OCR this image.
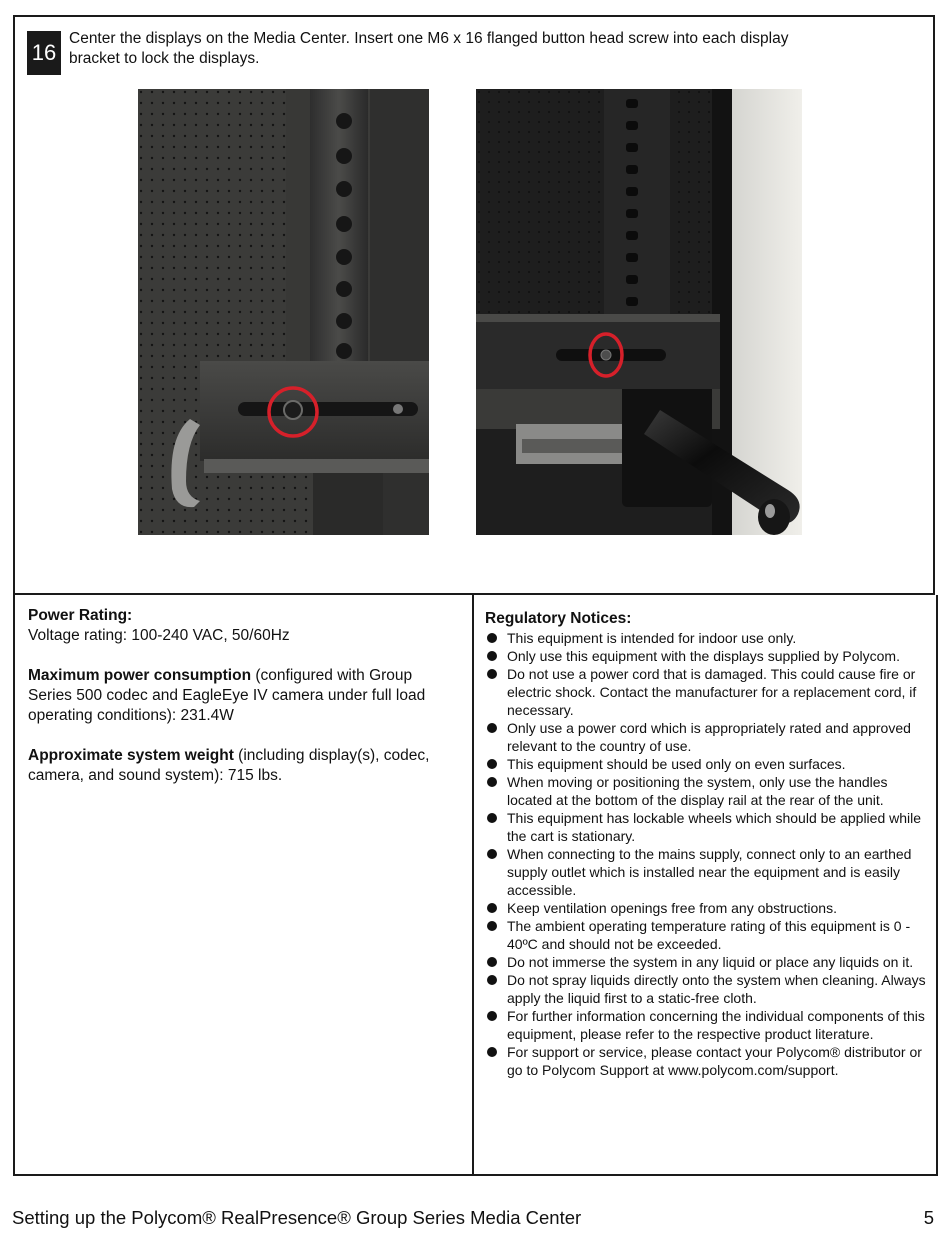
16
Center the displays on the Media Center. Insert one M6 x 16 flanged button head screw into each display bracket to lock the displays.

Power Rating:
Voltage rating: 100-240 VAC, 50/60Hz

Maximum power consumption (configured with Group Series 500 codec and EagleEye IV camera under full load operating conditions): 231.4W

Approximate system weight (including display(s), codec, camera, and sound system): 715 lbs.

Regulatory Notices:
This equipment is intended for indoor use only.
Only use this equipment with the displays supplied by Polycom.
Do not use a power cord that is damaged. This could cause fire or electric shock. Contact the manufacturer for a replacement cord, if necessary.
Only use a power cord which is appropriately rated and approved relevant to the country of use.
This equipment should be used only on even surfaces.
When moving or positioning the system, only use the handles located at the bottom of the display rail at the rear of the unit.
This equipment has lockable wheels which should be applied while the cart is stationary.
When connecting to the mains supply, connect only to an earthed supply outlet which is installed near the equipment and is easily accessible.
Keep ventilation openings free from any obstructions.
The ambient operating temperature rating of this equipment is 0 - 40ºC and should not be exceeded.
Do not immerse the system in any liquid or place any liquids on it.
Do not spray liquids directly onto the system when cleaning. Always apply the liquid first to a static-free cloth.
For further information concerning the individual components of this equipment, please refer to the respective product literature.
For support or service, please contact your Polycom® distributor or go to Polycom Support at www.polycom.com/support.
Setting up the Polycom® RealPresence® Group Series Media Center	5
